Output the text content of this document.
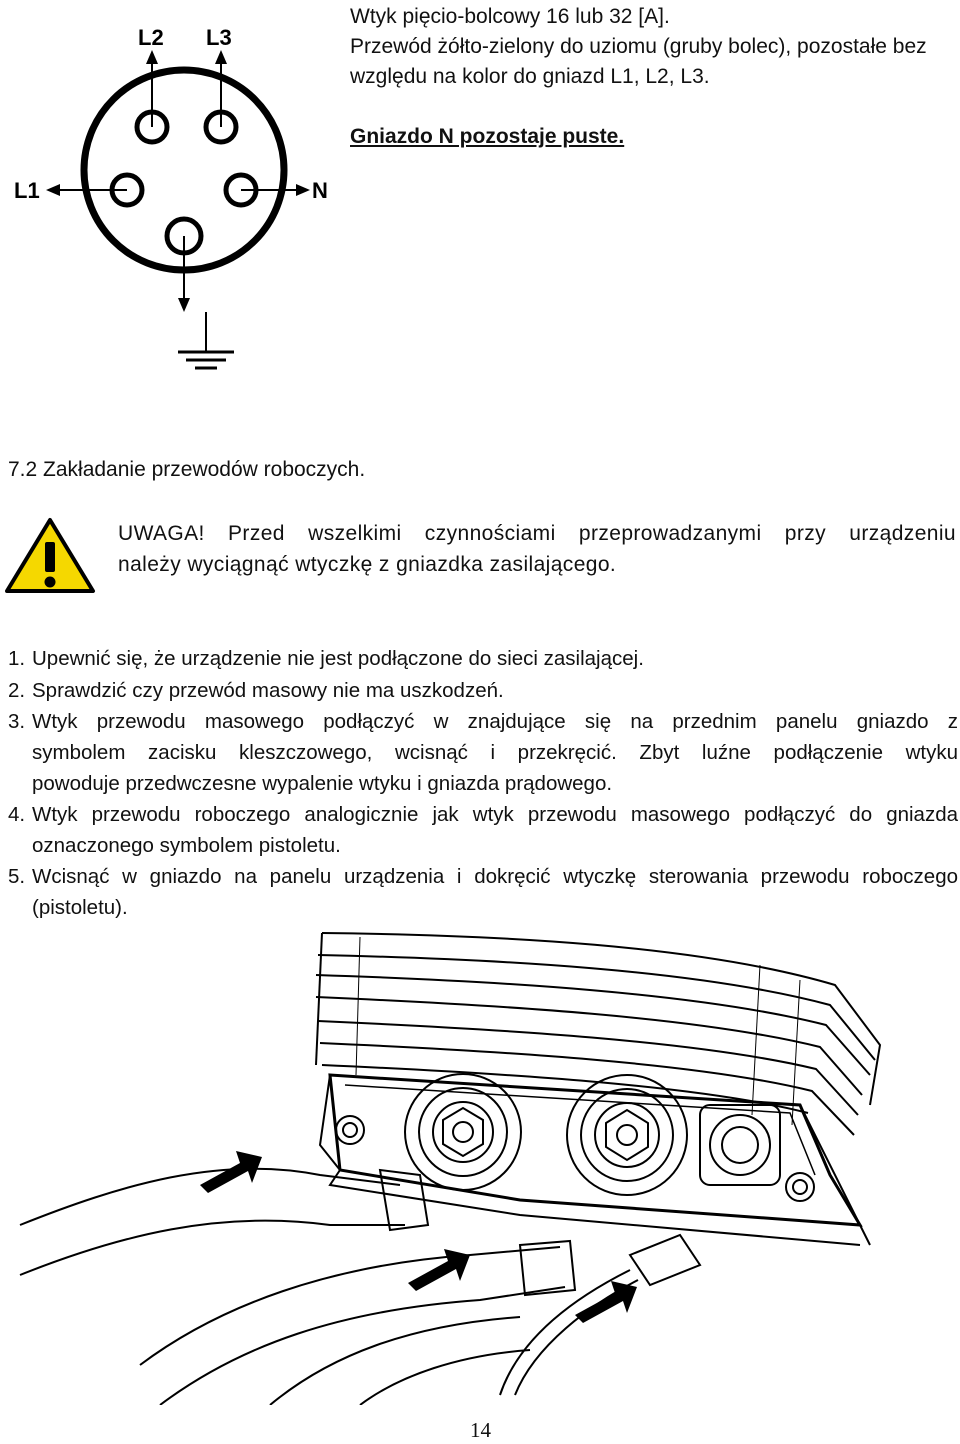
L2 L3
L1	N
Wtyk pięcio-bolcowy 16 lub 32 [A].
Przewód żółto-zielony do uziomu (gruby bolec), pozostałe bez
względu na kolor do gniazd L1, L2, L3.
Gniazdo N pozostaje puste.
7.2 Zakładanie przewodów roboczych.
UWAGA! Przed wszelkimi czynnościami przeprowadzanymi przy urządzeniu
należy wyciągnąć wtyczkę z gniazdka zasilającego.
1. Upewnić się, że urządzenie nie jest podłączone do sieci zasilającej.
2. Sprawdzić czy przewód masowy nie ma uszkodzeń.
3. Wtyk przewodu masowego podłączyć w znajdujące się na przednim panelu gniazdo z
symbolem zacisku kleszczowego, wcisnąć i przekręcić. Zbyt luźne podłączenie wtyku
powoduje przedwczesne wypalenie wtyku i gniazda prądowego.
4. Wtyk przewodu roboczego analogicznie jak wtyk przewodu masowego podłączyć do gniazda
oznaczonego symbolem pistoletu.
5. Wcisnąć w gniazdo na panelu urządzenia i dokręcić wtyczkę sterowania przewodu roboczego
(pistoletu).
14
